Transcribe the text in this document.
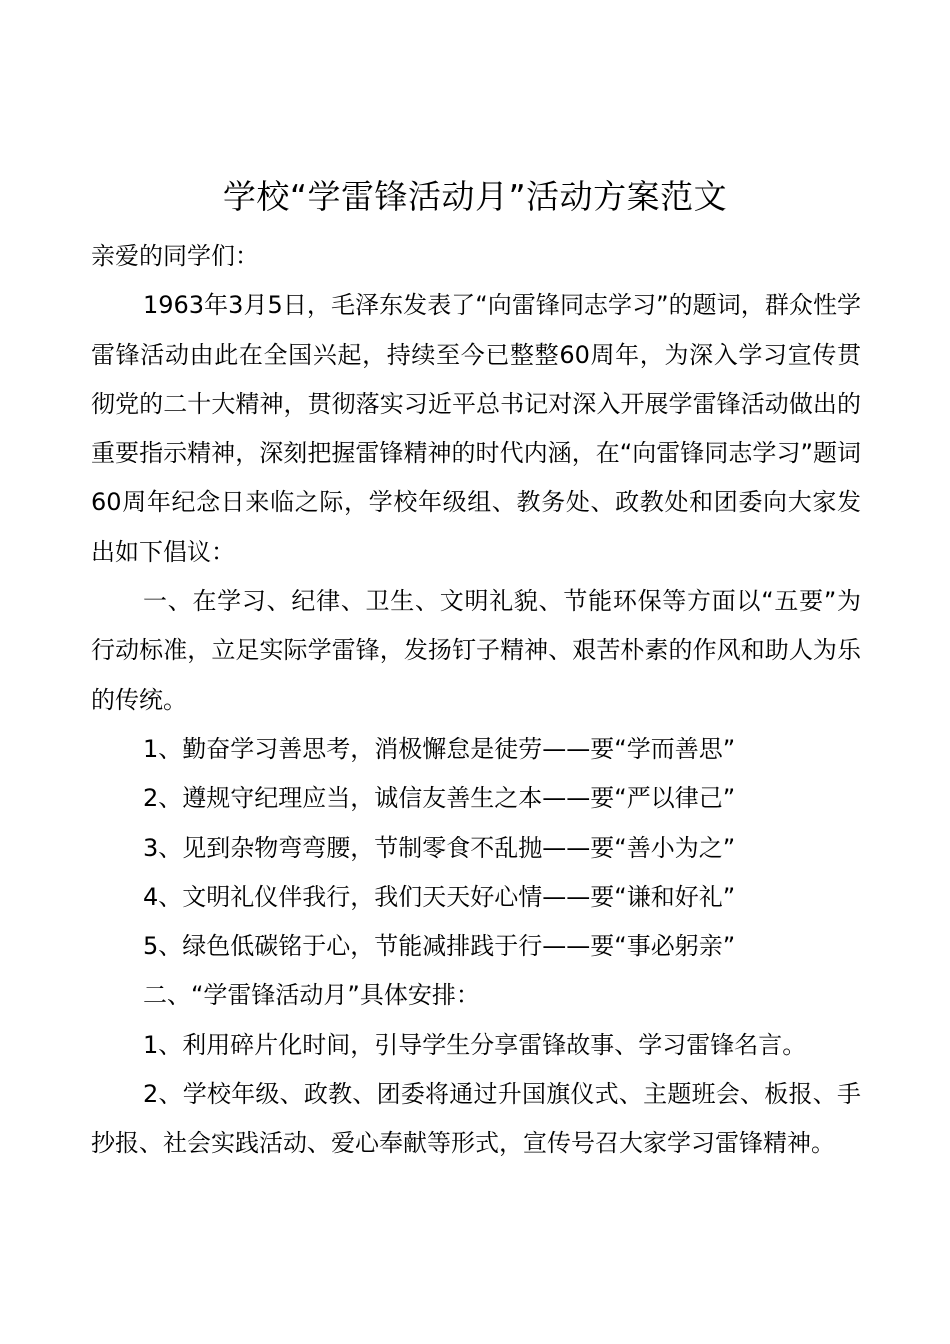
学校“学雷锋活动月”活动方案范文

亲爱的同学们：

1963年3月5日，毛泽东发表了“向雷锋同志学习”的题词，群众性学雷锋活动由此在全国兴起，持续至今已整整60周年，为深入学习宣传贯彻党的二十大精神，贯彻落实习近平总书记对深入开展学雷锋活动做出的重要指示精神，深刻把握雷锋精神的时代内涵，在“向雷锋同志学习”题词60周年纪念日来临之际，学校年级组、教务处、政教处和团委向大家发出如下倡议：

一、在学习、纪律、卫生、文明礼貌、节能环保等方面以“五要”为行动标准，立足实际学雷锋，发扬钉子精神、艰苦朴素的作风和助人为乐的传统。

1、勤奋学习善思考，消极懈怠是徒劳——要“学而善思”

2、遵规守纪理应当，诚信友善生之本——要“严以律己”

3、见到杂物弯弯腰，节制零食不乱抛——要“善小为之”

4、文明礼仪伴我行，我们天天好心情——要“谦和好礼”

5、绿色低碳铭于心，节能减排践于行——要“事必躬亲”

二、“学雷锋活动月”具体安排：

1、利用碎片化时间，引导学生分享雷锋故事、学习雷锋名言。

2、学校年级、政教、团委将通过升国旗仪式、主题班会、板报、手抄报、社会实践活动、爱心奉献等形式，宣传号召大家学习雷锋精神。
